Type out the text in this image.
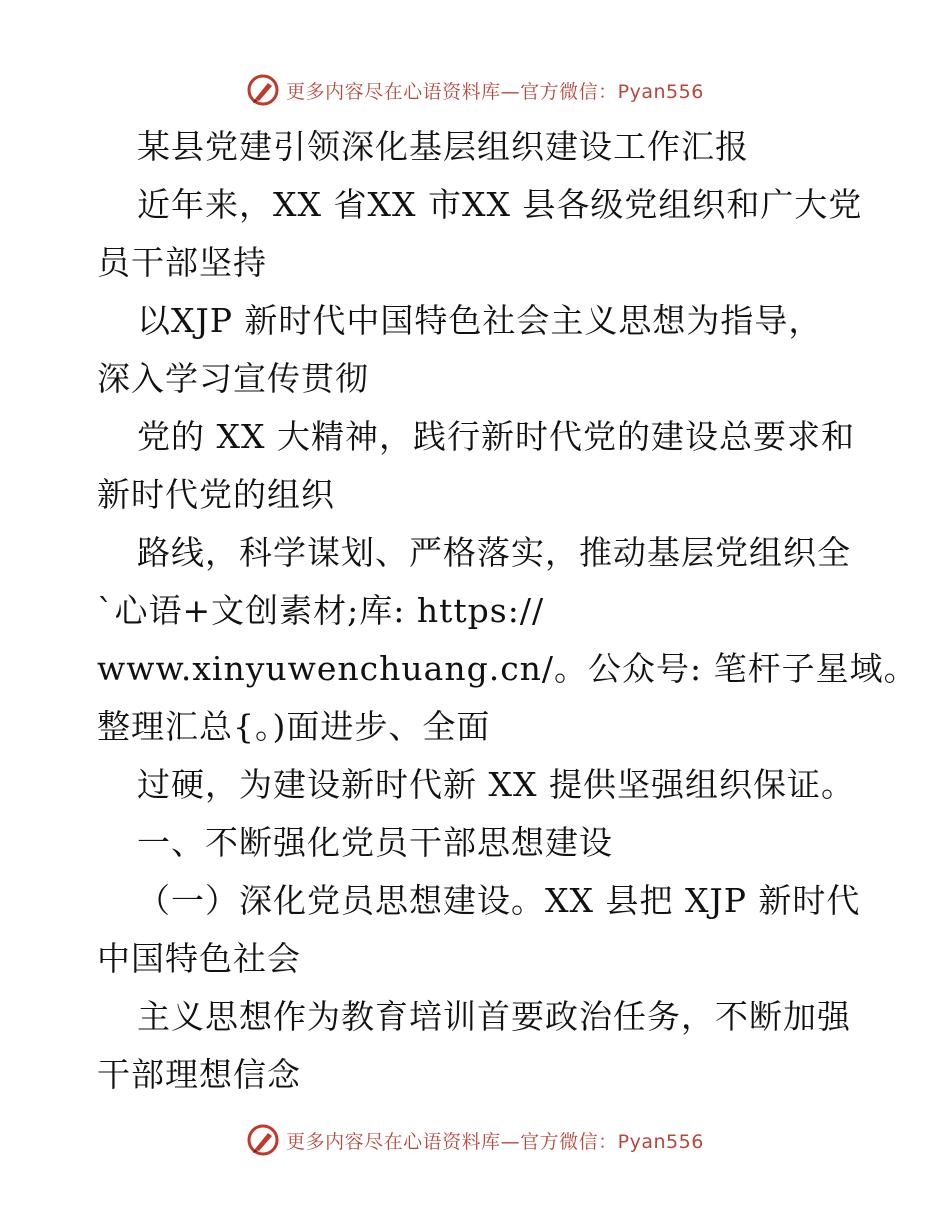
更多内容尽在心语资料库—官方微信：Pyan556
某县党建引领深化基层组织建设工作汇报
近年来，XX 省XX 市XX 县各级党组织和广大党
员干部坚持
以XJP 新时代中国特色社会主义思想为指导，
深入学习宣传贯彻
党的 XX 大精神，践行新时代党的建设总要求和
新时代党的组织
路线，科学谋划、严格落实，推动基层党组织全
`心语+文创素材;库: https://
www.xinyuwenchuang.cn/。公众号: 笔杆子星域。
整理汇总{。)面进步、全面
过硬，为建设新时代新 XX 提供坚强组织保证。
一、不断强化党员干部思想建设
（一）深化党员思想建设。XX 县把 XJP 新时代
中国特色社会
主义思想作为教育培训首要政治任务，不断加强
干部理想信念
更多内容尽在心语资料库—官方微信：Pyan556
